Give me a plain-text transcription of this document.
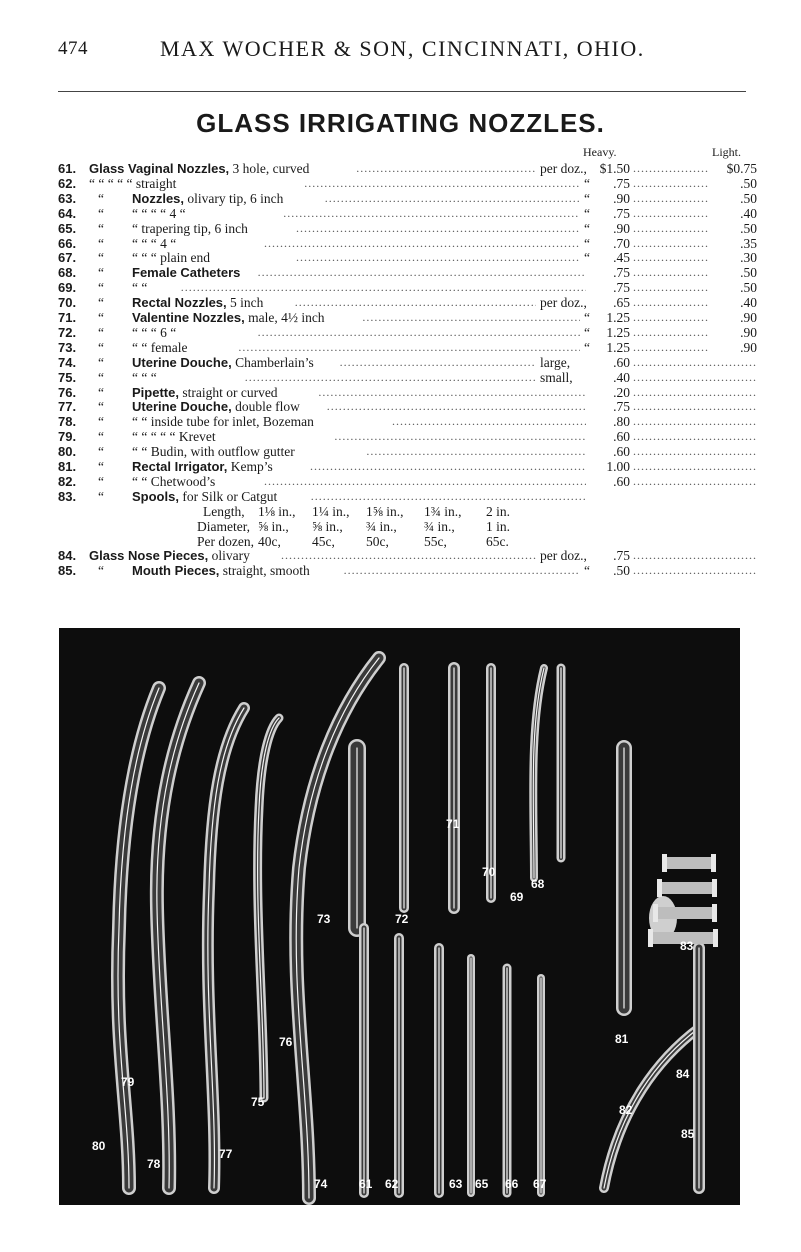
474	MAX WOCHER & SON, CINCINNATI, OHIO.
GLASS IRRIGATING NOZZLES.
Heavy.	Light.
61. Glass Vaginal Nozzles, 3 hole, curved .....	per doz., $1.50 .....	$0.75
62. “ “ “ “ “ straight .....	“	.75 .....	.50
63.	“ Nozzles, olivary tip, 6 inch .....	“	.90 .....	.50
64.	“ “ “ “ “ 4 “ .....	“	.75 .....	.40
65.	“ “ trapering tip, 6 inch .....	“	.90 .....	.50
66.	“ “ “ “ 4 “ .....	“	.70 .....	.35
67.	“ “ “ “ plain end .....	“	.45 .....	.30
68.	“ Female Catheters .....	.75 .....	.50
69.	“ “ “ .....	.75 .....	.50
70.	“ Rectal Nozzles, 5 inch .....	per doz.,	.65 .....	.40
71.	“ Valentine Nozzles, male, 4½ inch .....	“	1.25 .....	.90
72.	“ “ “ “ 6 “ .....	“	1.25 .....	.90
73.	“ “ “ female .....	“	1.25 .....	.90
74.	“ Uterine Douche, Chamberlain’s .....	large,	.60
.....
75.	“ “ “ “ .....	small,	.40
.....
76.	“ Pipette, straight or curved .....	.20
.....
77.	“ Uterine Douche, double flow .....	.75
.....
78.	“ “ “ inside tube for inlet, Bozeman .....	.80
.....
79.	“ “ “ “ “ “ Krevet .....	.60
.....
80.	“ “ “ Budin, with outflow gutter .....	.60
.....
81.	“ Rectal Irrigator, Kemp’s .....	1.00
.....
82.	“ “ “ Chetwood’s .....	.60
.....
83.	“ Spools, for Silk or Catgut
.....
Length, 1⅛ in., 1¼ in., 1⅝ in., 1¾ in., 2 in.
Diameter, ⅝ in., ⅝ in., ¾ in., ¾ in., 1 in.
Per dozen, 40c, 45c, 50c,	55c,	65c.
84. Glass Nose Pieces, olivary .....	per doz.,	.75
.....
85.	“ Mouth Pieces, straight, smooth .....	“	.50
.....
79
80
78
75
77
76
73	72
71
70
69
68
74	61 62	63 65 66 67
81
82
83
84
85
